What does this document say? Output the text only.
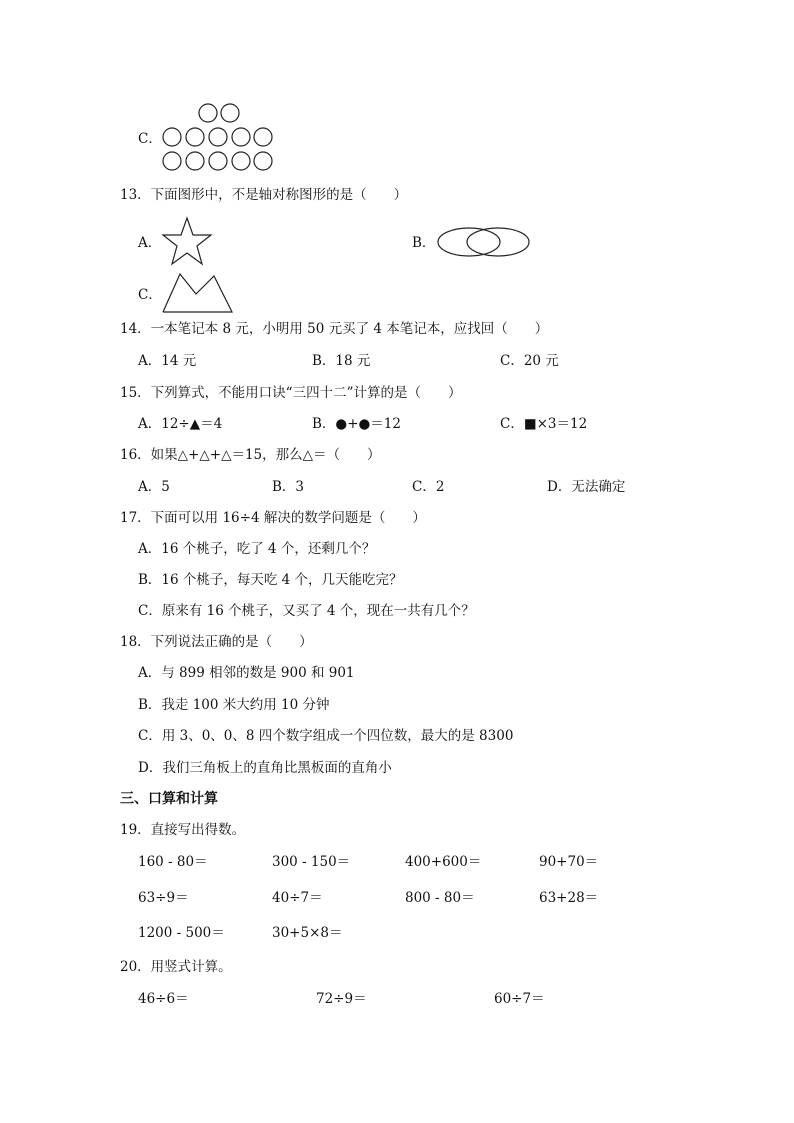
C．
13．下面图形中，不是轴对称图形的是（　　）
A．	B．
C．
14．一本笔记本 8 元，小明用 50 元买了 4 本笔记本，应找回（　　）
A．14 元	B．18 元	C．20 元
15．下列算式，不能用口诀“三四十二”计算的是（　　）
A．12÷▲＝4	B．●+●＝12	C．■×3＝12
16．如果△+△+△＝15，那么△＝（　　）
A．5	B．3	C．2	D．无法确定
17．下面可以用 16÷4 解决的数学问题是（　　）
A．16 个桃子，吃了 4 个，还剩几个？
B．16 个桃子，每天吃 4 个，几天能吃完？
C．原来有 16 个桃子，又买了 4 个，现在一共有几个？
18．下列说法正确的是（　　）
A．与 899 相邻的数是 900 和 901
B．我走 100 米大约用 10 分钟
C．用 3、0、0、8 四个数字组成一个四位数，最大的是 8300
D．我们三角板上的直角比黑板面的直角小
三、口算和计算
19．直接写出得数。
160 - 80＝	300 - 150＝	400+600＝	90+70＝
63÷9＝	40÷7＝	800 - 80＝	63+28＝
1200 - 500＝	30+5×8＝
20．用竖式计算。
46÷6＝	72÷9＝	60÷7＝
